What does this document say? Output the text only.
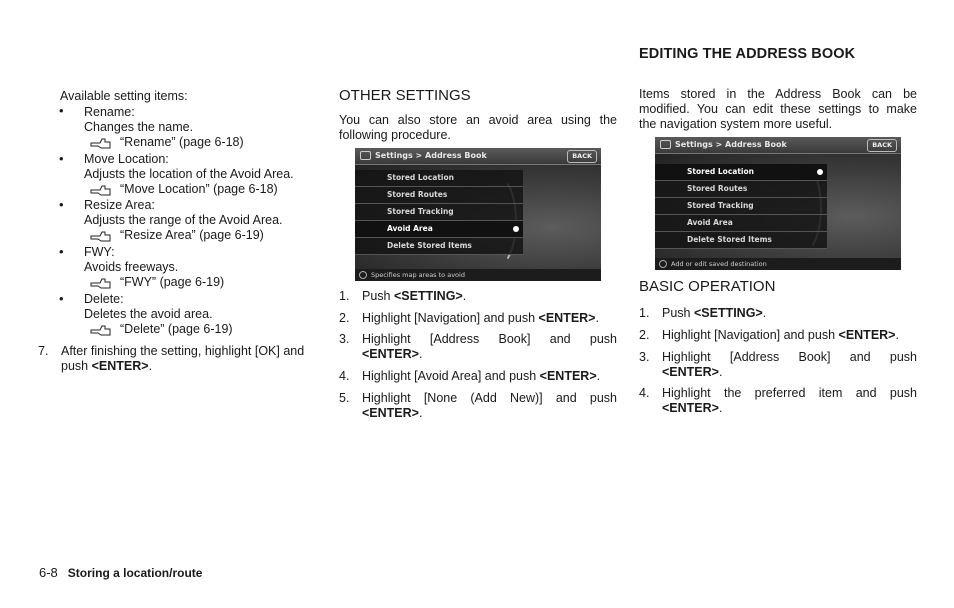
Available setting items:
• Rename:
Changes the name.
“Rename” (page 6-18)
• Move Location:
Adjusts the location of the Avoid Area.
“Move Location” (page 6-18)
• Resize Area:
Adjusts the range of the Avoid Area.
“Resize Area” (page 6-19)
• FWY:
Avoids freeways.
“FWY” (page 6-19)
• Delete:
Deletes the avoid area.
“Delete” (page 6-19)
7. After finishing the setting, highlight [OK] and
push <ENTER>.
OTHER SETTINGS
You can also store an avoid area using the
following procedure.
Settings > Address Book	BACK
Stored Location
Stored Routes
Stored Tracking
Avoid Area
Delete Stored Items
Specifies map areas to avoid
1. Push <SETTING>.
2. Highlight [Navigation] and push <ENTER>.
3. Highlight [Address Book] and push
<ENTER>.
4. Highlight [Avoid Area] and push <ENTER>.
5. Highlight [None (Add New)] and push
<ENTER>.
EDITING THE ADDRESS BOOK
Items stored in the Address Book can be
modified. You can edit these settings to make
the navigation system more useful.
Settings > Address Book	BACK
Stored Location
Stored Routes
Stored Tracking
Avoid Area
Delete Stored Items
Add or edit saved destination
BASIC OPERATION
1. Push <SETTING>.
2. Highlight [Navigation] and push <ENTER>.
3. Highlight [Address Book] and push
<ENTER>.
4. Highlight the preferred item and push
<ENTER>.
6-8 Storing a location/route
